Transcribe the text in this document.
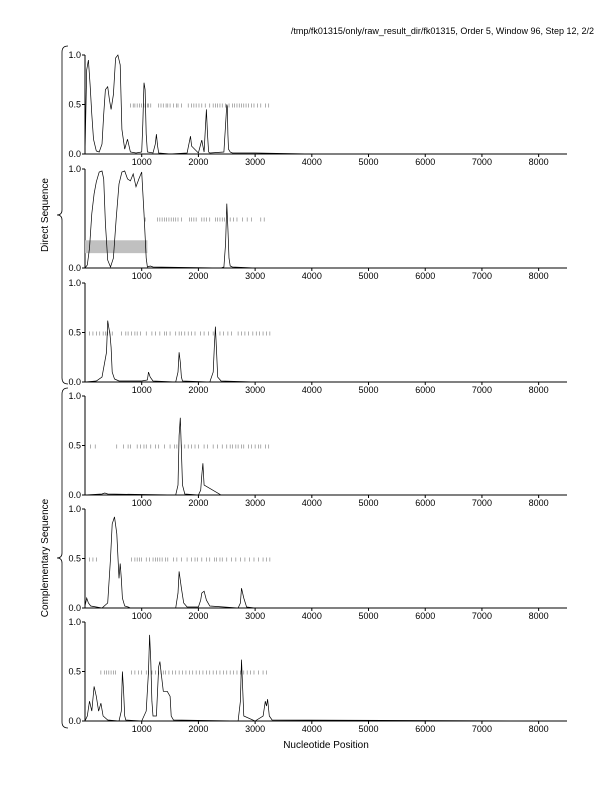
/tmp/fk01315/only/raw_result_dir/fk01315, Order 5, Window 96, Step 12, 2/2
0.0
0.5
1.0
1000	2000	3000	4000	5000	6000	7000	8000
0.0
1.0
1000	2000	3000	4000	5000	6000	7000	8000
0.0
0.5
1.0
1000	2000	3000	4000	5000	6000	7000	8000
0.0
0.5
1.0
1000	2000	3000	4000	5000	6000	7000	8000
0.0
0.5
1.0
1000	2000	3000	4000	5000	6000	7000	8000
0.0
0.5
1.0
1000	2000	3000	4000	5000	6000	7000	8000
Direct Sequence
Complementary Sequence
Nucleotide Position
